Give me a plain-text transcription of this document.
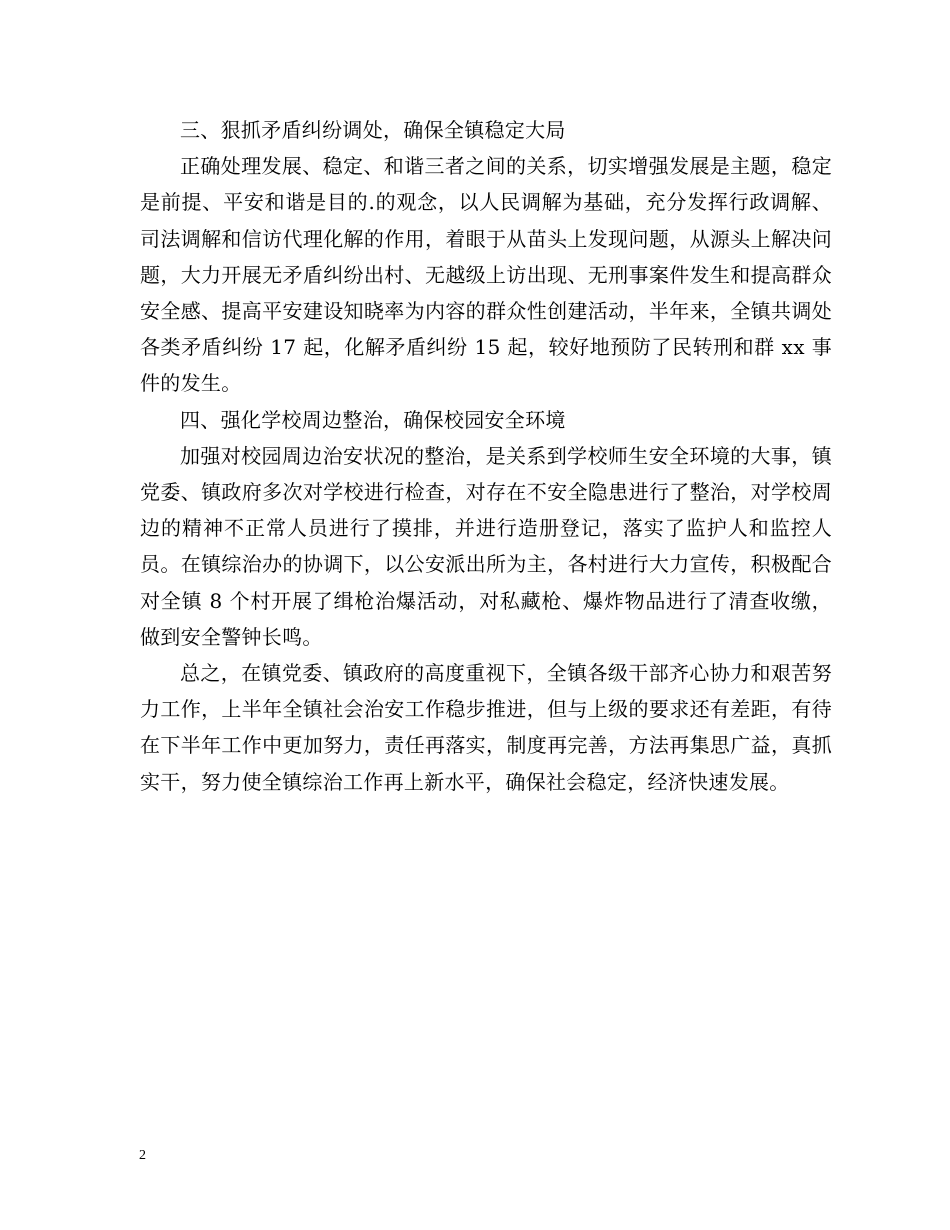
三、狠抓矛盾纠纷调处，确保全镇稳定大局

正确处理发展、稳定、和谐三者之间的关系，切实增强发展是主题，稳定是前提、平安和谐是目的.的观念，以人民调解为基础，充分发挥行政调解、司法调解和信访代理化解的作用，着眼于从苗头上发现问题，从源头上解决问题，大力开展无矛盾纠纷出村、无越级上访出现、无刑事案件发生和提高群众安全感、提高平安建设知晓率为内容的群众性创建活动，半年来，全镇共调处各类矛盾纠纷 17 起，化解矛盾纠纷 15 起，较好地预防了民转刑和群 xx 事件的发生。

四、强化学校周边整治，确保校园安全环境

加强对校园周边治安状况的整治，是关系到学校师生安全环境的大事，镇党委、镇政府多次对学校进行检查，对存在不安全隐患进行了整治，对学校周边的精神不正常人员进行了摸排，并进行造册登记，落实了监护人和监控人员。在镇综治办的协调下，以公安派出所为主，各村进行大力宣传，积极配合对全镇 8 个村开展了缉枪治爆活动，对私藏枪、爆炸物品进行了清查收缴，做到安全警钟长鸣。

总之，在镇党委、镇政府的高度重视下，全镇各级干部齐心协力和艰苦努力工作，上半年全镇社会治安工作稳步推进，但与上级的要求还有差距，有待在下半年工作中更加努力，责任再落实，制度再完善，方法再集思广益，真抓实干，努力使全镇综治工作再上新水平，确保社会稳定，经济快速发展。

2
